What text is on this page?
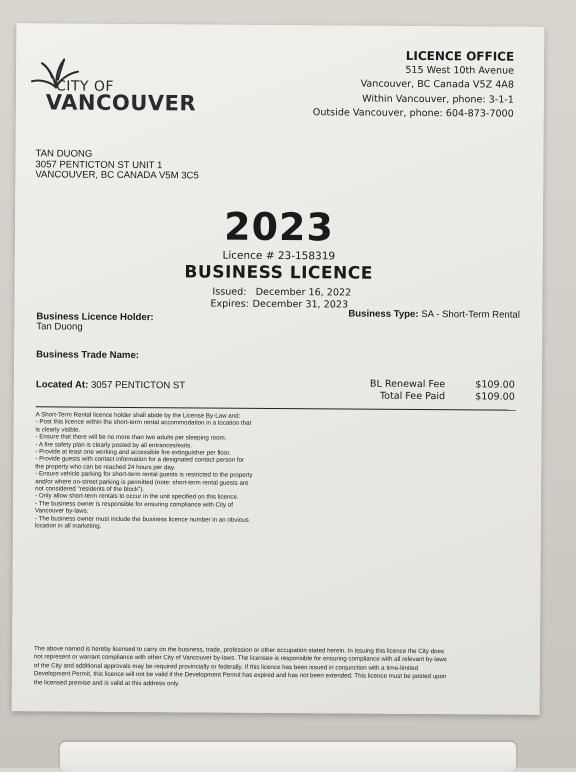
CITY OF
VANCOUVER
LICENCE OFFICE
515 West 10th Avenue
Vancouver, BC Canada V5Z 4A8
Within Vancouver, phone: 3-1-1
Outside Vancouver, phone: 604-873-7000
TAN DUONG
3057 PENTICTON ST UNIT 1
VANCOUVER, BC CANADA V5M 3C5
2023
Licence # 23-158319
BUSINESS LICENCE
Issued: December 16, 2022
Expires: December 31, 2023
Business Licence Holder:
Tan Duong
Business Type: SA - Short-Term Rental
Business Trade Name:
Located At: 3057 PENTICTON ST	BL Renewal Fee	$109.00
Total Fee Paid	$109.00
A Short-Term Rental licence holder shall abide by the License By-Law and:
- Post this licence within the short-term rental accommodation in a location that
is clearly visible.
- Ensure that there will be no more than two adults per sleeping room.
- A fire safety plan is clearly posted by all entrances/exits.
- Provide at least one working and accessible fire extinguisher per floor.
- Provide guests with contact information for a designated contact person for
the property who can be reached 24 hours per day.
- Ensure vehicle parking for short-term rental guests is restricted to the property
and/or where on-street parking is permitted (note: short-term rental guests are
not considered "residents of the block").
- Only allow short-term rentals to occur in the unit specified on this licence.
- The business owner is responsible for ensuring compliance with City of
Vancouver by-laws.
- The business owner must include the business licence number in an obvious
location in all marketing.
The above named is hereby licensed to carry on the business, trade, profession or other occupation stated herein. In issuing this licence the City does
not represent or warrant compliance with other City of Vancouver by-laws. The licensee is responsible for ensuring compliance with all relevant by-laws
of the City and additional approvals may be required provincially or federally. If this licence has been issued in conjunction with a time-limited
Development Permit, this licence will not be valid if the Development Permit has expired and has not been extended. This licence must be posted upon
the licensed premise and is valid at this address only.
